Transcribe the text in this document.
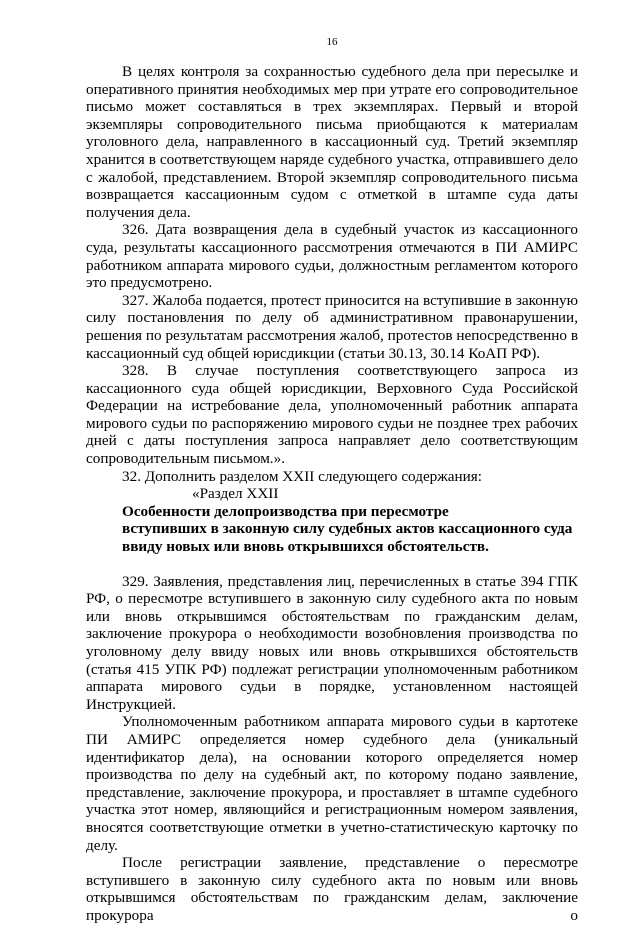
16

В целях контроля за сохранностью судебного дела при пересылке и оперативного принятия необходимых мер при утрате его сопроводительное письмо может составляться в трех экземплярах. Первый и второй экземпляры сопроводительного письма приобщаются к материалам уголовного дела, направленного в кассационный суд. Третий экземпляр хранится в соответствующем наряде судебного участка, отправившего дело с жалобой, представлением. Второй экземпляр сопроводительного письма возвращается кассационным судом с отметкой в штампе суда даты получения дела.

326. Дата возвращения дела в судебный участок из кассационного суда, результаты кассационного рассмотрения отмечаются в ПИ АМИРС работником аппарата мирового судьи, должностным регламентом которого это предусмотрено.

327. Жалоба подается, протест приносится на вступившие в законную силу постановления по делу об административном правонарушении, решения по результатам рассмотрения жалоб, протестов непосредственно в кассационный суд общей юрисдикции (статьи 30.13, 30.14 КоАП РФ).

328. В случае поступления соответствующего запроса из кассационного суда общей юрисдикции, Верховного Суда Российской Федерации на истребование дела, уполномоченный работник аппарата мирового судьи по распоряжению мирового судьи не позднее трех рабочих дней с даты поступления запроса направляет дело соответствующим сопроводительным письмом.».

32. Дополнить разделом XXII следующего содержания:

«Раздел XXII

Особенности делопроизводства при пересмотре

вступивших в законную силу судебных актов кассационного суда

ввиду новых или вновь открывшихся обстоятельств.

329. Заявления, представления лиц, перечисленных в статье 394 ГПК РФ, о пересмотре вступившего в законную силу судебного акта по новым или вновь открывшимся обстоятельствам по гражданским делам, заключение прокурора о необходимости возобновления производства по уголовному делу ввиду новых или вновь открывшихся обстоятельств (статья 415 УПК РФ) подлежат регистрации уполномоченным работником аппарата мирового судьи в порядке, установленном настоящей Инструкцией.

Уполномоченным работником аппарата мирового судьи в картотеке ПИ АМИРС определяется номер судебного дела (уникальный идентификатор дела), на основании которого определяется номер производства по делу на судебный акт, по которому подано заявление, представление, заключение прокурора, и проставляет в штампе судебного участка этот номер, являющийся и регистрационным номером заявления, вносятся соответствующие отметки в учетно-статистическую карточку по делу.

После регистрации заявление, представление о пересмотре вступившего в законную силу судебного акта по новым или вновь открывшимся обстоятельствам по гражданским делам, заключение прокурора о
